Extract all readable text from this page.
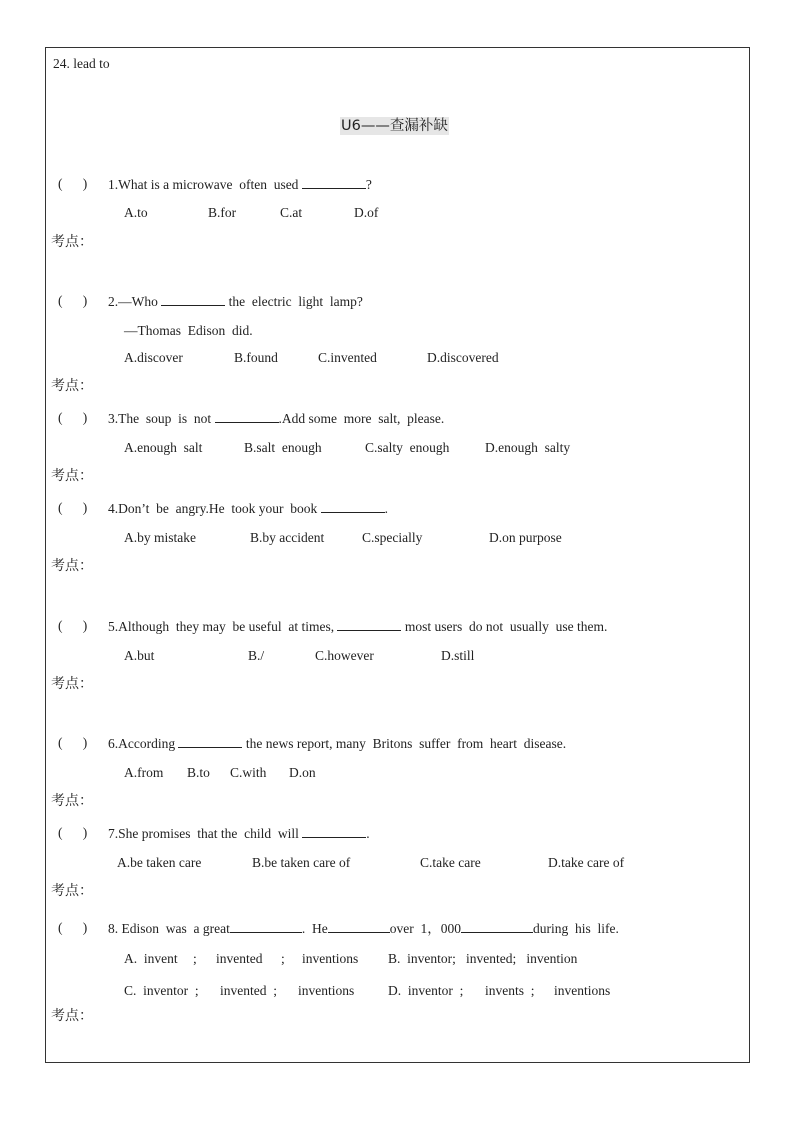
24. lead to
U6——查漏补缺
(      ) 1.What is a microwave  often  used	?
A.to	B.for	C.at	D.of
考点：
(      ) 2.—Who	the  electric  light  lamp?
—Thomas  Edison  did.
A.discover	B.found	C.invented	D.discovered
考点：
(      ) 3.The  soup  is  not	.Add some  more  salt,  please.
A.enough  salt	B.salt  enough	C.salty  enough	D.enough  salty
考点：
(      ) 4.Don’t  be  angry.He  took your  book	.
A.by mistake	B.by accident	C.specially	D.on purpose
考点：
(      ) 5.Although  they may  be useful  at times,	most users  do not  usually  use them.
A.but	B./	C.however	D.still
考点：
(      ) 6.According	the news report, many  Britons  suffer  from  heart  disease.
A.from B.to C.with D.on
考点：
(      ) 7.She promises  that the  child  will	.
A.be taken care	B.be taken care of	C.take care	D.take care of
考点：
(      ) 8. Edison  was  a great	.  He	over  1，000	during  his  life.
A.  invent ; invented ; inventions B.  inventor;   invented;   invention
C.  inventor  ; invented  ; inventions	D.  inventor  ; invents  ; inventions
考点：
